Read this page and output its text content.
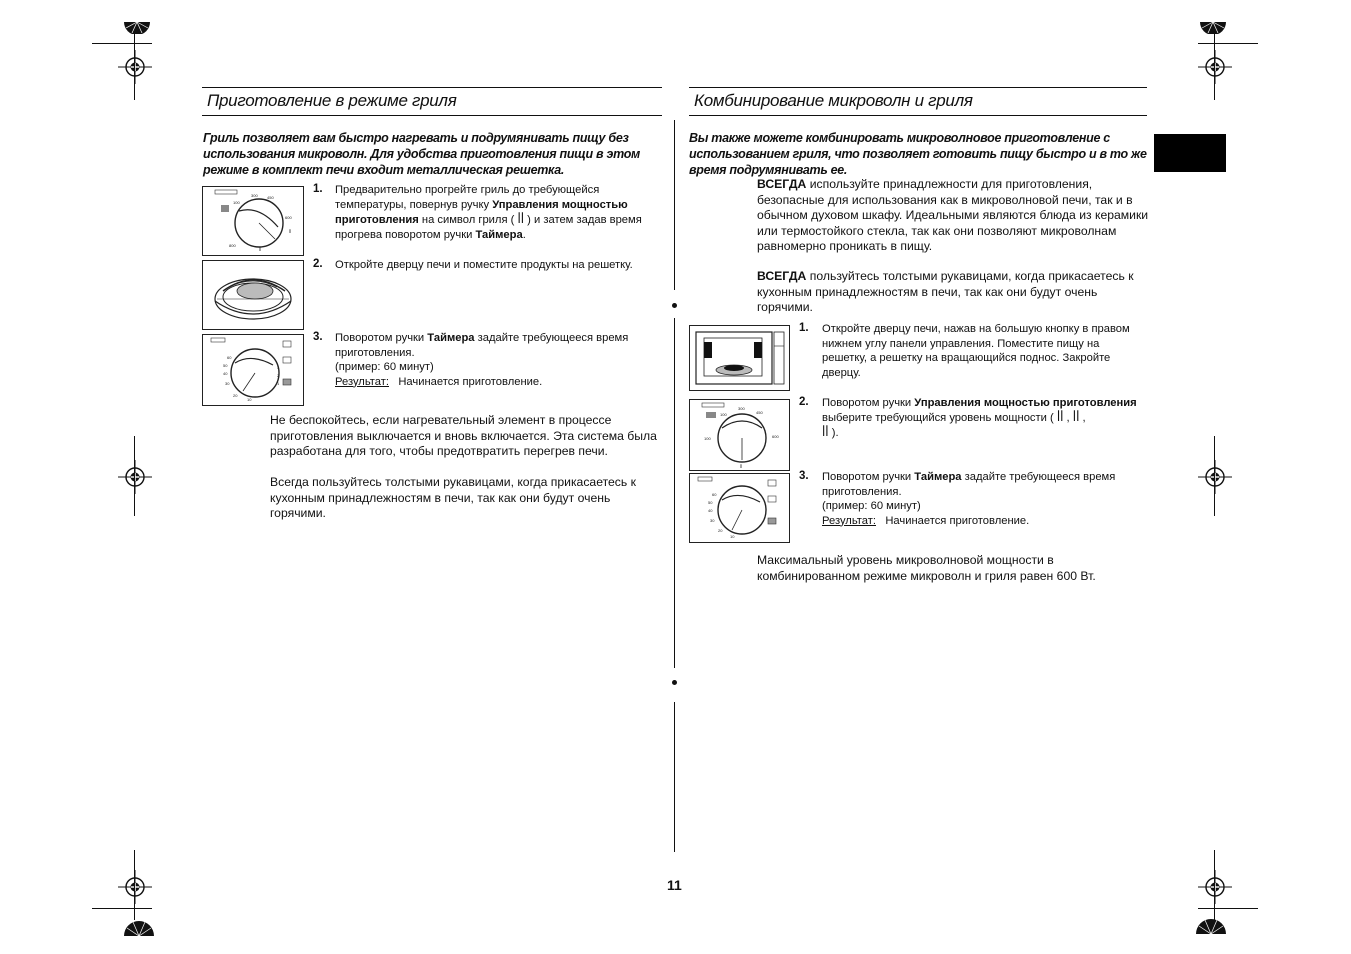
Приготовление в режиме гриля
Гриль позволяет вам быстро нагревать и подрумянивать пищу без
использования микроволн. Для удобства приготовления пищи в этом
режиме в комплект печи входит металлическая решетка.
100
300 450
600
ꟾꟾ
800
ꟾꟾ
60
50
40
30
20
10
3
2
1
1. Предварительно прогрейте гриль до требующейся
температуры, повернув ручку Управления мощностью
приготовления на символ гриля ( ꟾꟾ ) и затем задав время
прогрева поворотом ручки Таймера.
2. Откройте дверцу печи и поместите продукты на решетку.
3. Поворотом ручки Таймера задайте требующееся время
приготовления.
(пример: 60 минут)
Результат: Начинается приготовление.
Не беспокойтесь, если нагревательный элемент в процессе
приготовления выключается и вновь включается. Эта система была
разработана для того, чтобы предотвратить перегрев печи.
Всегда пользуйтесь толстыми рукавицами, когда прикасаетесь к
кухонным принадлежностям в печи, так как они будут очень
горячими.
11
Комбинирование микроволн и гриля
Вы также можете комбинировать микроволновое приготовление с
использованием гриля, что позволяет готовить пищу быстро и в то же
время подрумянивать ее.
ВСЕГДА используйте принадлежности для приготовления,
безопасные для использования как в микроволновой печи, так и в
обычном духовом шкафу. Идеальными являются блюда из керамики
или термостойкого стекла, так как они позволяют микроволнам
равномерно проникать в пищу.
ВСЕГДА пользуйтесь толстыми рукавицами, когда прикасаетесь к
кухонным принадлежностям в печи, так как они будут очень
горячими.
100
300
450
600
100
ꟾꟾ
60
50
40
30
20
10
1. Откройте дверцу печи, нажав на большую кнопку в правом
нижнем углу панели управления. Поместите пищу на
решетку, а решетку на вращающийся поднос. Закройте
дверцу.
2. Поворотом ручки Управления мощностью приготовления
выберите требующийся уровень мощности ( ꟾꟾ , ꟾꟾ ,
ꟾꟾ ).
3. Поворотом ручки Таймера задайте требующееся время
приготовления.
(пример: 60 минут)
Результат: Начинается приготовление.
Максимальный уровень микроволновой мощности в
комбинированном режиме микроволн и гриля равен 600 Вт.
